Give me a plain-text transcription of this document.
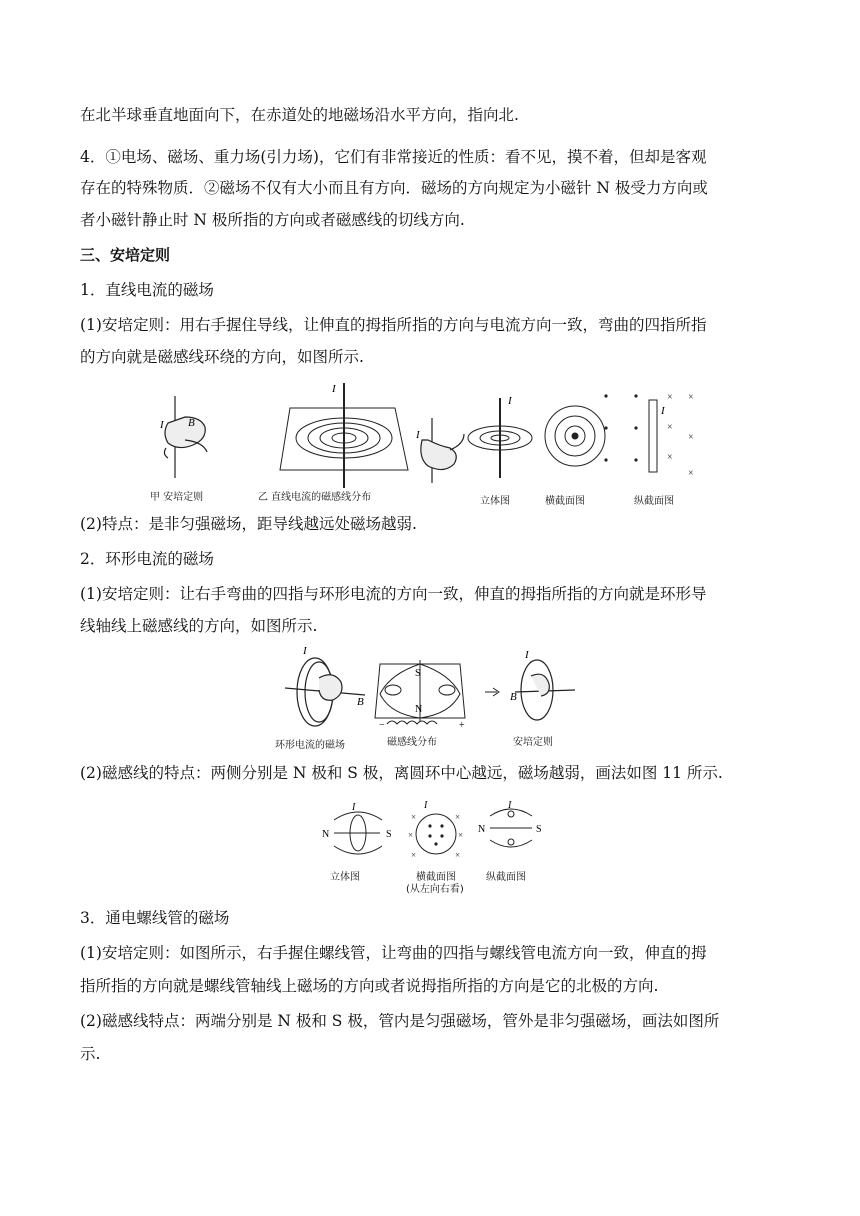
在北半球垂直地面向下，在赤道处的地磁场沿水平方向，指向北.
4．①电场、磁场、重力场(引力场)，它们有非常接近的性质：看不见，摸不着，但却是客观
存在的特殊物质．②磁场不仅有大小而且有方向．磁场的方向规定为小磁针 N 极受力方向或
者小磁针静止时 N 极所指的方向或者磁感线的切线方向.
三、安培定则
1．直线电流的磁场
(1)安培定则：用右手握住导线，让伸直的拇指所指的方向与电流方向一致，弯曲的四指所指
的方向就是磁感线环绕的方向，如图所示.
(2)特点：是非匀强磁场，距导线越远处磁场越弱.
2．环形电流的磁场
(1)安培定则：让右手弯曲的四指与环形电流的方向一致，伸直的拇指所指的方向就是环形导
线轴线上磁感线的方向，如图所示.
(2)磁感线的特点：两侧分别是 N 极和 S 极，离圆环中心越远，磁场越弱，画法如图 11 所示.
3．通电螺线管的磁场
(1)安培定则：如图所示，右手握住螺线管，让弯曲的四指与螺线管电流方向一致，伸直的拇
指所指的方向就是螺线管轴线上磁场的方向或者说拇指所指的方向是它的北极的方向.
(2)磁感线特点：两端分别是 N 极和 S 极，管内是匀强磁场，管外是非匀强磁场，画法如图所
示.
I B
I
I
I	× ×
×
×
×
×
I
甲 安培定则	乙 直线电流的磁感线分布	立体图	横截面图	纵截面图
I
B
S
N
−	+
I
B
环形电流的磁场	磁感线分布	安培定则
N	S
I
×	×
×	×
×	×
I
N	S
I
立体图	横截面图
(从左向右看)
纵截面图
